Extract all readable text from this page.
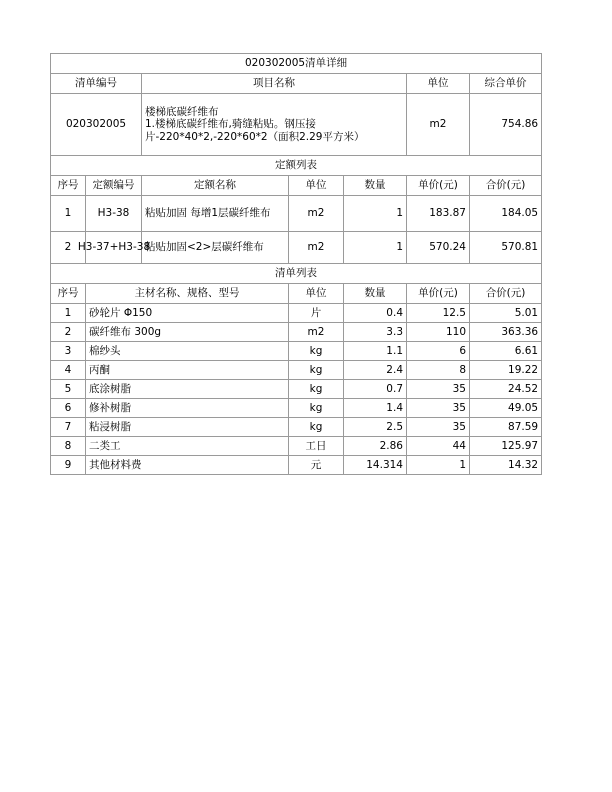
020302005清单详细						
清单编号		项目名称			单位	综合单价
020302005		楼梯底碳纤维布
1.楼梯底碳纤维布,骑缝粘贴。钢压接片-220*40*2,-220*60*2（面积2.29平方米）			m2	754.86
定额列表						
序号	定额编号	定额名称	单位	数量	单价(元)	合价(元)
1	H3-38	粘贴加固 每增1层碳纤维布	m2	1	183.87	184.05
2	H3-37+H3-38	粘贴加固<2>层碳纤维布	m2	1	570.24	570.81
清单列表						
序号	主材名称、规格、型号		单位	数量	单价(元)	合价(元)
1	砂轮片 Φ150		片	0.4	12.5	5.01
2	碳纤维布 300g		m2	3.3	110	363.36
3	棉纱头		kg	1.1	6	6.61
4	丙酮		kg	2.4	8	19.22
5	底涂树脂		kg	0.7	35	24.52
6	修补树脂		kg	1.4	35	49.05
7	粘浸树脂		kg	2.5	35	87.59
8	二类工		工日	2.86	44	125.97
9	其他材料费		元	14.314	1	14.32
